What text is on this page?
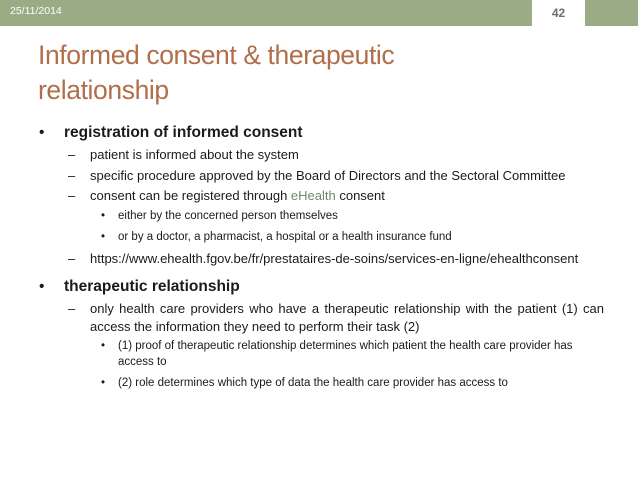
25/11/2014	42
Informed consent & therapeutic
relationship
• registration of informed consent
– patient is informed about the system
– specific procedure approved by the Board of Directors and the Sectoral Committee
– consent can be registered through eHealth consent
• either by the concerned person themselves
• or by a doctor, a pharmacist, a hospital or a health insurance fund
– https://www.ehealth.fgov.be/fr/prestataires-de-soins/services-en-ligne/ehealthconsent
• therapeutic relationship
– only health care providers who have a therapeutic relationship with the patient (1) can access the information they need to perform their task (2)
• (1) proof of therapeutic relationship determines which patient the health care provider has access to
• (2) role determines which type of data the health care provider has access to
